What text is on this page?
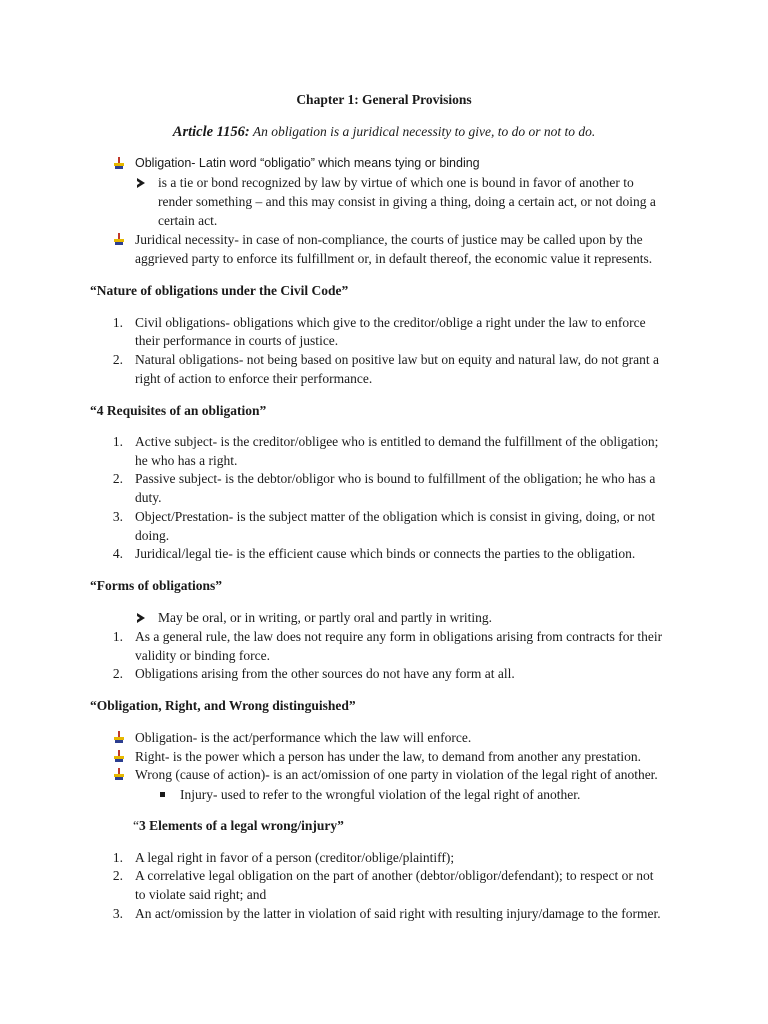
Chapter 1: General Provisions
Article 1156: An obligation is a juridical necessity to give, to do or not to do.
Obligation- Latin word “obligatio” which means tying or binding
is a tie or bond recognized by law by virtue of which one is bound in favor of another to
render something – and this may consist in giving a thing, doing a certain act, or not doing a
certain act.
Juridical necessity- in case of non-compliance, the courts of justice may be called upon by the
aggrieved party to enforce its fulfillment or, in default thereof, the economic value it represents.
“Nature of obligations under the Civil Code”
1. Civil obligations- obligations which give to the creditor/oblige a right under the law to enforce
their performance in courts of justice.
2. Natural obligations- not being based on positive law but on equity and natural law, do not grant a
right of action to enforce their performance.
“4 Requisites of an obligation”
1. Active subject- is the creditor/obligee who is entitled to demand the fulfillment of the obligation;
he who has a right.
2. Passive subject- is the debtor/obligor who is bound to fulfillment of the obligation; he who has a
duty.
3. Object/Prestation- is the subject matter of the obligation which is consist in giving, doing, or not
doing.
4. Juridical/legal tie- is the efficient cause which binds or connects the parties to the obligation.
“Forms of obligations”
May be oral, or in writing, or partly oral and partly in writing.
1. As a general rule, the law does not require any form in obligations arising from contracts for their
validity or binding force.
2. Obligations arising from the other sources do not have any form at all.
“Obligation, Right, and Wrong distinguished”
Obligation- is the act/performance which the law will enforce.
Right- is the power which a person has under the law, to demand from another any prestation.
Wrong (cause of action)- is an act/omission of one party in violation of the legal right of another.
Injury- used to refer to the wrongful violation of the legal right of another.
“3 Elements of a legal wrong/injury”
1. A legal right in favor of a person (creditor/oblige/plaintiff);
2. A correlative legal obligation on the part of another (debtor/obligor/defendant); to respect or not
to violate said right; and
3. An act/omission by the latter in violation of said right with resulting injury/damage to the former.
